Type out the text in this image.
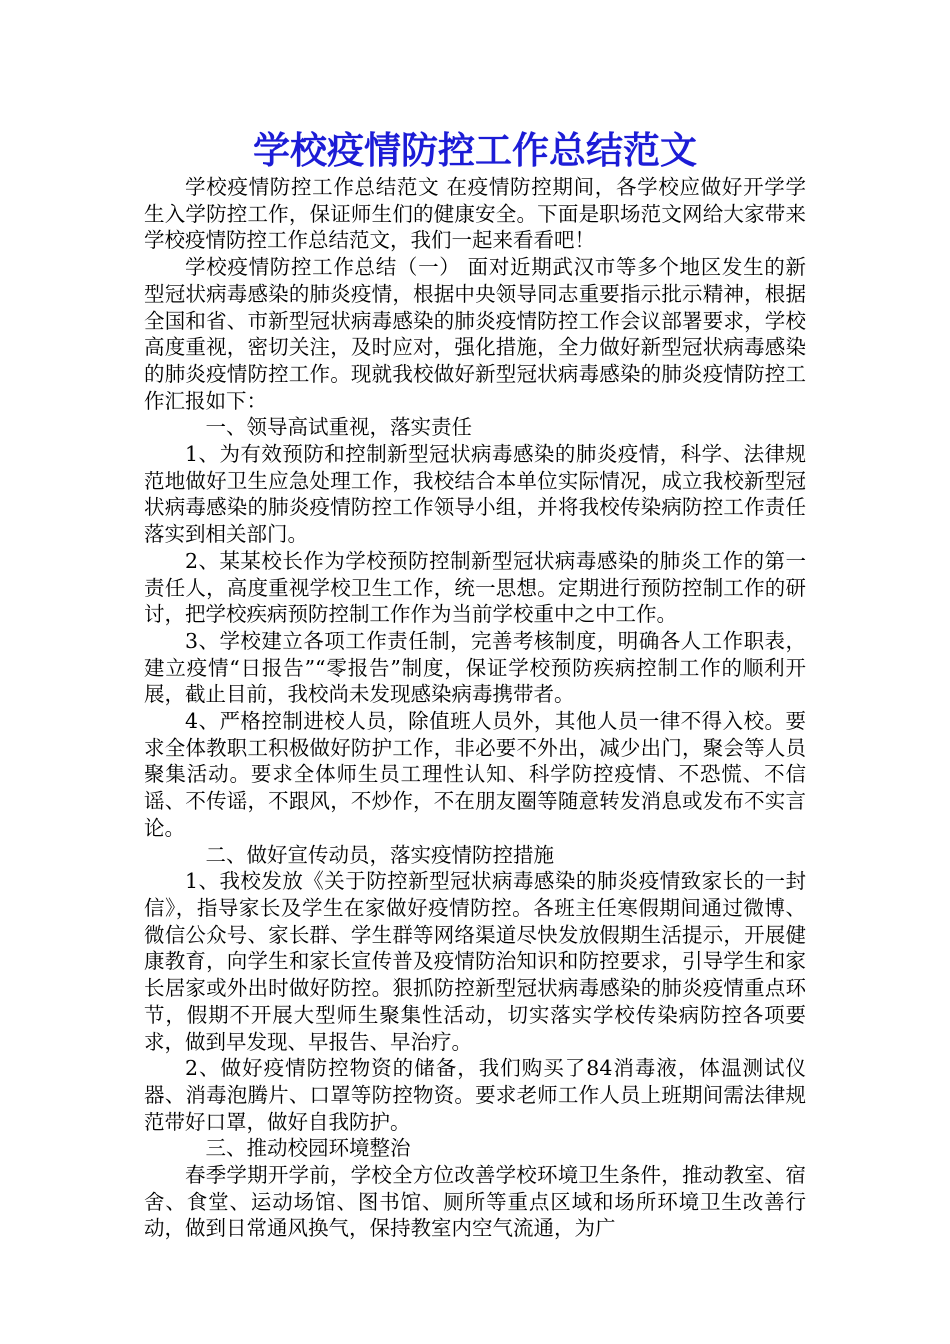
学校疫情防控工作总结范文

学校疫情防控工作总结范文 在疫情防控期间，各学校应做好开学学生入学防控工作，保证师生们的健康安全。下面是职场范文网给大家带来学校疫情防控工作总结范文，我们一起来看看吧！

学校疫情防控工作总结（一） 面对近期武汉市等多个地区发生的新型冠状病毒感染的肺炎疫情，根据中央领导同志重要指示批示精神，根据全国和省、市新型冠状病毒感染的肺炎疫情防控工作会议部署要求，学校高度重视，密切关注，及时应对，强化措施，全力做好新型冠状病毒感染的肺炎疫情防控工作。现就我校做好新型冠状病毒感染的肺炎疫情防控工作汇报如下：

一、领导高试重视，落实责任

1、为有效预防和控制新型冠状病毒感染的肺炎疫情，科学、法律规范地做好卫生应急处理工作，我校结合本单位实际情况，成立我校新型冠状病毒感染的肺炎疫情防控工作领导小组，并将我校传染病防控工作责任落实到相关部门。

2、某某校长作为学校预防控制新型冠状病毒感染的肺炎工作的第一责任人，高度重视学校卫生工作，统一思想。定期进行预防控制工作的研讨，把学校疾病预防控制工作作为当前学校重中之中工作。

3、学校建立各项工作责任制，完善考核制度，明确各人工作职表，建立疫情“日报告”“零报告”制度，保证学校预防疾病控制工作的顺利开展，截止目前，我校尚未发现感染病毒携带者。

4、严格控制进校人员，除值班人员外，其他人员一律不得入校。要求全体教职工积极做好防护工作，非必要不外出，减少出门，聚会等人员聚集活动。要求全体师生员工理性认知、科学防控疫情、不恐慌、不信谣、不传谣，不跟风，不炒作，不在朋友圈等随意转发消息或发布不实言论。

二、做好宣传动员，落实疫情防控措施

1、我校发放《关于防控新型冠状病毒感染的肺炎疫情致家长的一封信》，指导家长及学生在家做好疫情防控。各班主任寒假期间通过微博、微信公众号、家长群、学生群等网络渠道尽快发放假期生活提示，开展健康教育，向学生和家长宣传普及疫情防治知识和防控要求，引导学生和家长居家或外出时做好防控。狠抓防控新型冠状病毒感染的肺炎疫情重点环节，假期不开展大型师生聚集性活动，切实落实学校传染病防控各项要求，做到早发现、早报告、早治疗。

2、做好疫情防控物资的储备，我们购买了84消毒液，体温测试仪器、消毒泡腾片、口罩等防控物资。要求老师工作人员上班期间需法律规范带好口罩，做好自我防护。

三、推动校园环境整治

春季学期开学前，学校全方位改善学校环境卫生条件，推动教室、宿舍、食堂、运动场馆、图书馆、厕所等重点区域和场所环境卫生改善行动，做到日常通风换气，保持教室内空气流通，为广
